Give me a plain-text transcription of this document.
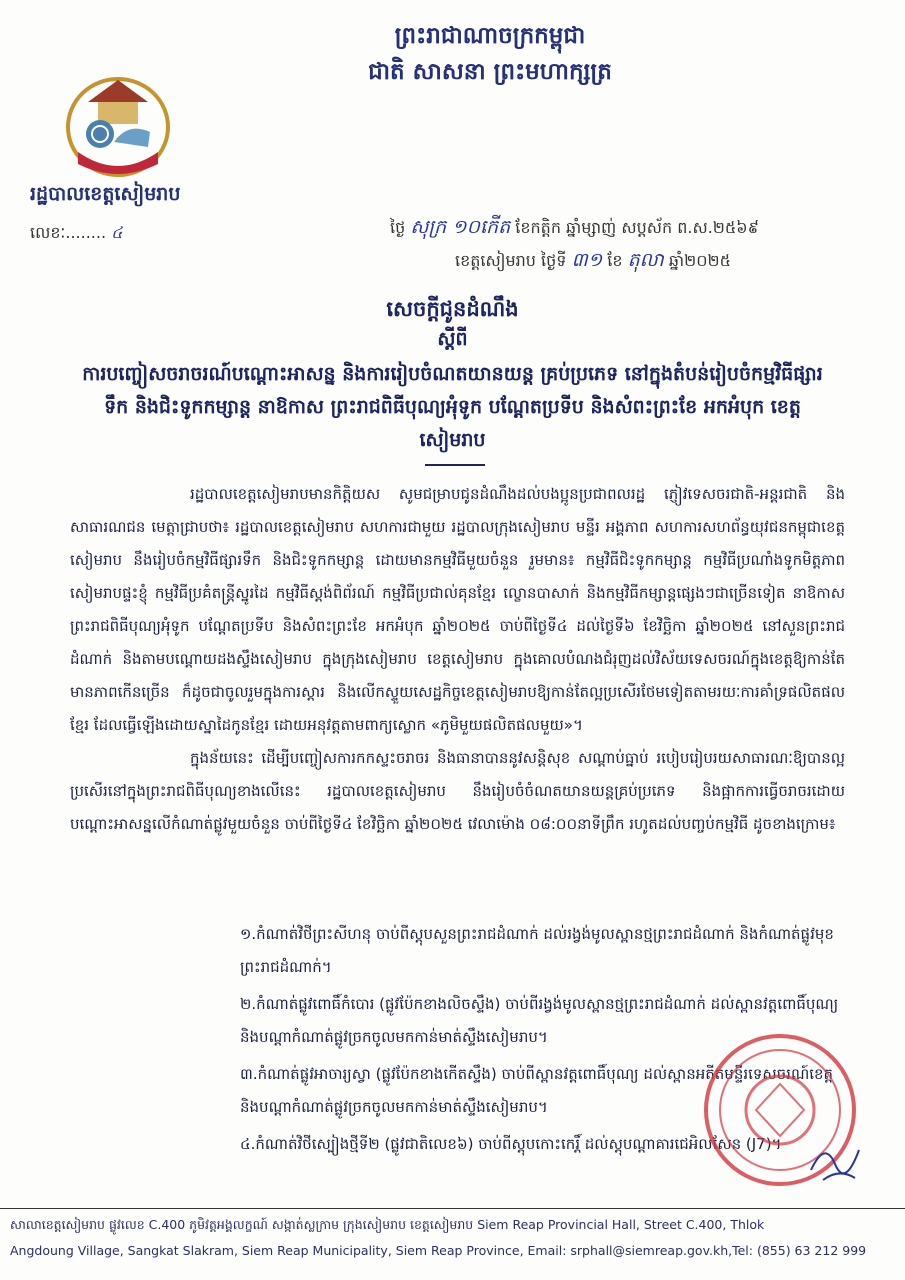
ព្រះរាជាណាចក្រកម្ពុជា
ជាតិ សាសនា ព្រះមហាក្សត្រ
រដ្ឋបាលខេត្តសៀមរាប
លេខៈ........ ៤	ថ្ងៃ សុក្រ ១០កើត ខែកត្តិក ឆ្នាំម្សាញ់ សប្តស័ក ព.ស.២៥៦៩
ខេត្តសៀមរាប ថ្ងៃទី ៣១ ខែ តុលា ឆ្នាំ២០២៥
សេចក្តីជូនដំណឹង
ស្តីពី
ការបញ្ចៀសចរាចរណ៍បណ្ដោះអាសន្ន និងការរៀបចំណតយានយន្ត គ្រប់ប្រភេទ នៅក្នុងតំបន់រៀបចំកម្មវិធីផ្សារទឹក និងជិះទូកកម្សាន្ត នាឱកាស ព្រះរាជពិធីបុណ្យអុំទូក បណ្ដែតប្រទីប និងសំពះព្រះខែ អកអំបុក ខេត្តសៀមរាប

រដ្ឋបាលខេត្តសៀមរាបមានកិត្តិយស សូមជម្រាបជូនដំណឹងដល់បងប្អូនប្រជាពលរដ្ឋ ភ្ញៀវទេសចរជាតិ-អន្តរជាតិ និងសាធារណជន មេត្តាជ្រាបថា៖ រដ្ឋបាលខេត្តសៀមរាប សហការជាមួយ រដ្ឋបាលក្រុងសៀមរាប មន្ទីរ អង្គភាព សហការសហព័ន្ធយុវជនកម្ពុជាខេត្តសៀមរាប នឹងរៀបចំកម្មវិធីផ្សារទឹក និងជិះទូកកម្សាន្ត ដោយមានកម្មវិធីមួយចំនួន រួមមាន៖ កម្មវិធីជិះទូកកម្សាន្ត កម្មវិធីប្រណាំងទូកមិត្តភាពសៀមរាបផ្ទះខ្ញុំ កម្មវិធីប្រគំតន្ត្រីស្នូរដៃ កម្មវិធីស្តង់ពិព័រណ៍ កម្មវិធីប្រជាល់គុនខ្មែរ ល្ខោនបាសាក់ និងកម្មវិធីកម្សាន្តផ្សេងៗជាច្រើនទៀត នាឱកាសព្រះរាជពិធីបុណ្យអុំទូក បណ្ដែតប្រទីប និងសំពះព្រះខែ អកអំបុក ឆ្នាំ២០២៥ ចាប់ពីថ្ងៃទី៤ ដល់ថ្ងៃទី៦ ខែវិច្ឆិកា ឆ្នាំ២០២៥ នៅសួនព្រះរាជដំណាក់ និងតាមបណ្ដោយដងស្ទឹងសៀមរាប ក្នុងក្រុងសៀមរាប ខេត្តសៀមរាប ក្នុងគោលបំណងជំរុញដល់វិស័យទេសចរណ៍ក្នុងខេត្តឱ្យកាន់តែមានភាពកើនច្រើន ក៏ដូចជាចូលរួមក្នុងការស្តារ និងលើកស្ទួយសេដ្ឋកិច្ចខេត្តសៀមរាបឱ្យកាន់តែល្អប្រសើរថែមទៀតតាមរយៈការគាំទ្រផលិតផលខ្មែរ ដែលធ្វើឡើងដោយស្នាដៃកូនខ្មែរ ដោយអនុវត្តតាមពាក្យស្លោក «ភូមិមួយផលិតផលមួយ»។

ក្នុងន័យនេះ ដើម្បីបញ្ចៀសការកកស្ទះចរាចរ និងធានាបាននូវសន្តិសុខ សណ្ដាប់ធ្នាប់ របៀបរៀបរយសាធារណៈឱ្យបានល្អប្រសើរនៅក្នុងព្រះរាជពិធីបុណ្យខាងលើនេះ រដ្ឋបាលខេត្តសៀមរាប នឹងរៀបចំចំណតយានយន្តគ្រប់ប្រភេទ និងផ្អាកការធ្វើចរាចរដោយបណ្ដោះអាសន្នលើកំណាត់ផ្លូវមួយចំនួន ចាប់ពីថ្ងៃទី៤ ខែវិច្ឆិកា ឆ្នាំ២០២៥ វេលាម៉ោង ០៨:០០នាទីព្រឹក រហូតដល់បញ្ចប់កម្មវិធី ដូចខាងក្រោម៖

១.កំណាត់វិថីព្រះសីហនុ ចាប់ពីស្តុបសួនព្រះរាជដំណាក់ ដល់រង្វង់មូលស្ពានថ្មព្រះរាជដំណាក់ និងកំណាត់ផ្លូវមុខព្រះរាជដំណាក់។
២.កំណាត់ផ្លូវពោធិ៍កំបោរ (ផ្លូវប៉ែកខាងលិចស្ទឹង) ចាប់ពីរង្វង់មូលស្ពានថ្មព្រះរាជដំណាក់ ដល់ស្ពានវត្តពោធិ៍បុណ្យ និងបណ្ដាកំណាត់ផ្លូវច្រកចូលមកកាន់មាត់ស្ទឹងសៀមរាប។
៣.កំណាត់ផ្លូវអាចារ្យស្វា (ផ្លូវប៉ែកខាងកើតស្ទឹង) ចាប់ពីស្ពានវត្តពោធិ៍បុណ្យ ដល់ស្ពានអតីតមន្ទីរទេសចរណ៍ខេត្ត និងបណ្ដាកំណាត់ផ្លូវច្រកចូលមកកាន់មាត់ស្ទឹងសៀមរាប។
៤.កំណាត់វិថីស្បៀងថ្មីទី២ (ផ្លូវជាតិលេខ៦) ចាប់ពីស្តុបកោះកេរ្តិ៍ ដល់ស្តុបណ្តាគារជេអិលសែន (J7)។
សាលាខេត្តសៀមរាប ផ្លូវលេខ C.400 ភូមិវត្តអង្គលក្ខណ៍ សង្កាត់ស្លក្រាម ក្រុងសៀមរាប ខេត្តសៀមរាប Siem Reap Provincial Hall, Street C.400, Thlok
Angdoung Village, Sangkat Slakram, Siem Reap Municipality, Siem Reap Province, Email: srphall@siemreap.gov.kh,Tel: (855) 63 212 999
